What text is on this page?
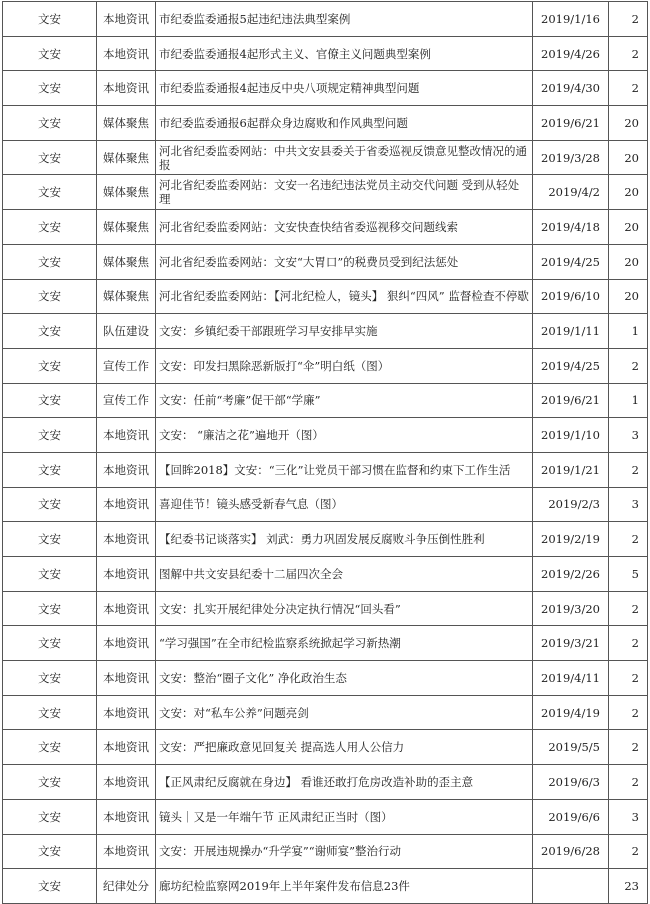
文安	本地资讯	市纪委监委通报5起违纪违法典型案例	2019/1/16	2
文安	本地资讯	市纪委监委通报4起形式主义、官僚主义问题典型案例	2019/4/26	2
文安	本地资讯	市纪委监委通报4起违反中央八项规定精神典型问题	2019/4/30	2
文安	媒体聚焦	市纪委监委通报6起群众身边腐败和作风典型问题	2019/6/21	20
文安	媒体聚焦	河北省纪委监委网站：中共文安县委关于省委巡视反馈意见整改情况的通报	2019/3/28	20
文安	媒体聚焦	河北省纪委监委网站：文安一名违纪违法党员主动交代问题 受到从轻处理	2019/4/2	20
文安	媒体聚焦	河北省纪委监委网站：文安快查快结省委巡视移交问题线索	2019/4/18	20
文安	媒体聚焦	河北省纪委监委网站：文安“大胃口”的税费员受到纪法惩处	2019/4/25	20
文安	媒体聚焦	河北省纪委监委网站：【河北纪检人，镜头】 狠纠“四风” 监督检查不停歇	2019/6/10	20
文安	队伍建设	文安：乡镇纪委干部跟班学习早安排早实施	2019/1/11	1
文安	宣传工作	文安：印发扫黑除恶新版打“伞”明白纸（图）	2019/4/25	2
文安	宣传工作	文安：任前“考廉”促干部“学廉”	2019/6/21	1
文安	本地资讯	文安： “廉洁之花”遍地开（图）	2019/1/10	3
文安	本地资讯	【回眸2018】文安：“三化”让党员干部习惯在监督和约束下工作生活	2019/1/21	2
文安	本地资讯	喜迎佳节！镜头感受新春气息（图）	2019/2/3	3
文安	本地资讯	【纪委书记谈落实】 刘武：勇力巩固发展反腐败斗争压倒性胜利	2019/2/19	2
文安	本地资讯	图解中共文安县纪委十二届四次全会	2019/2/26	5
文安	本地资讯	文安：扎实开展纪律处分决定执行情况“回头看”	2019/3/20	2
文安	本地资讯	“学习强国”在全市纪检监察系统掀起学习新热潮	2019/3/21	2
文安	本地资讯	文安：整治“圈子文化” 净化政治生态	2019/4/11	2
文安	本地资讯	文安：对“私车公养”问题亮剑	2019/4/19	2
文安	本地资讯	文安：严把廉政意见回复关 提高选人用人公信力	2019/5/5	2
文安	本地资讯	【正风肃纪反腐就在身边】 看谁还敢打危房改造补助的歪主意	2019/6/3	2
文安	本地资讯	镜头｜又是一年端午节 正风肃纪正当时（图）	2019/6/6	3
文安	本地资讯	文安：开展违规操办“升学宴”“谢师宴”整治行动	2019/6/28	2
文安	纪律处分	廊坊纪检监察网2019年上半年案件发布信息23件		23
